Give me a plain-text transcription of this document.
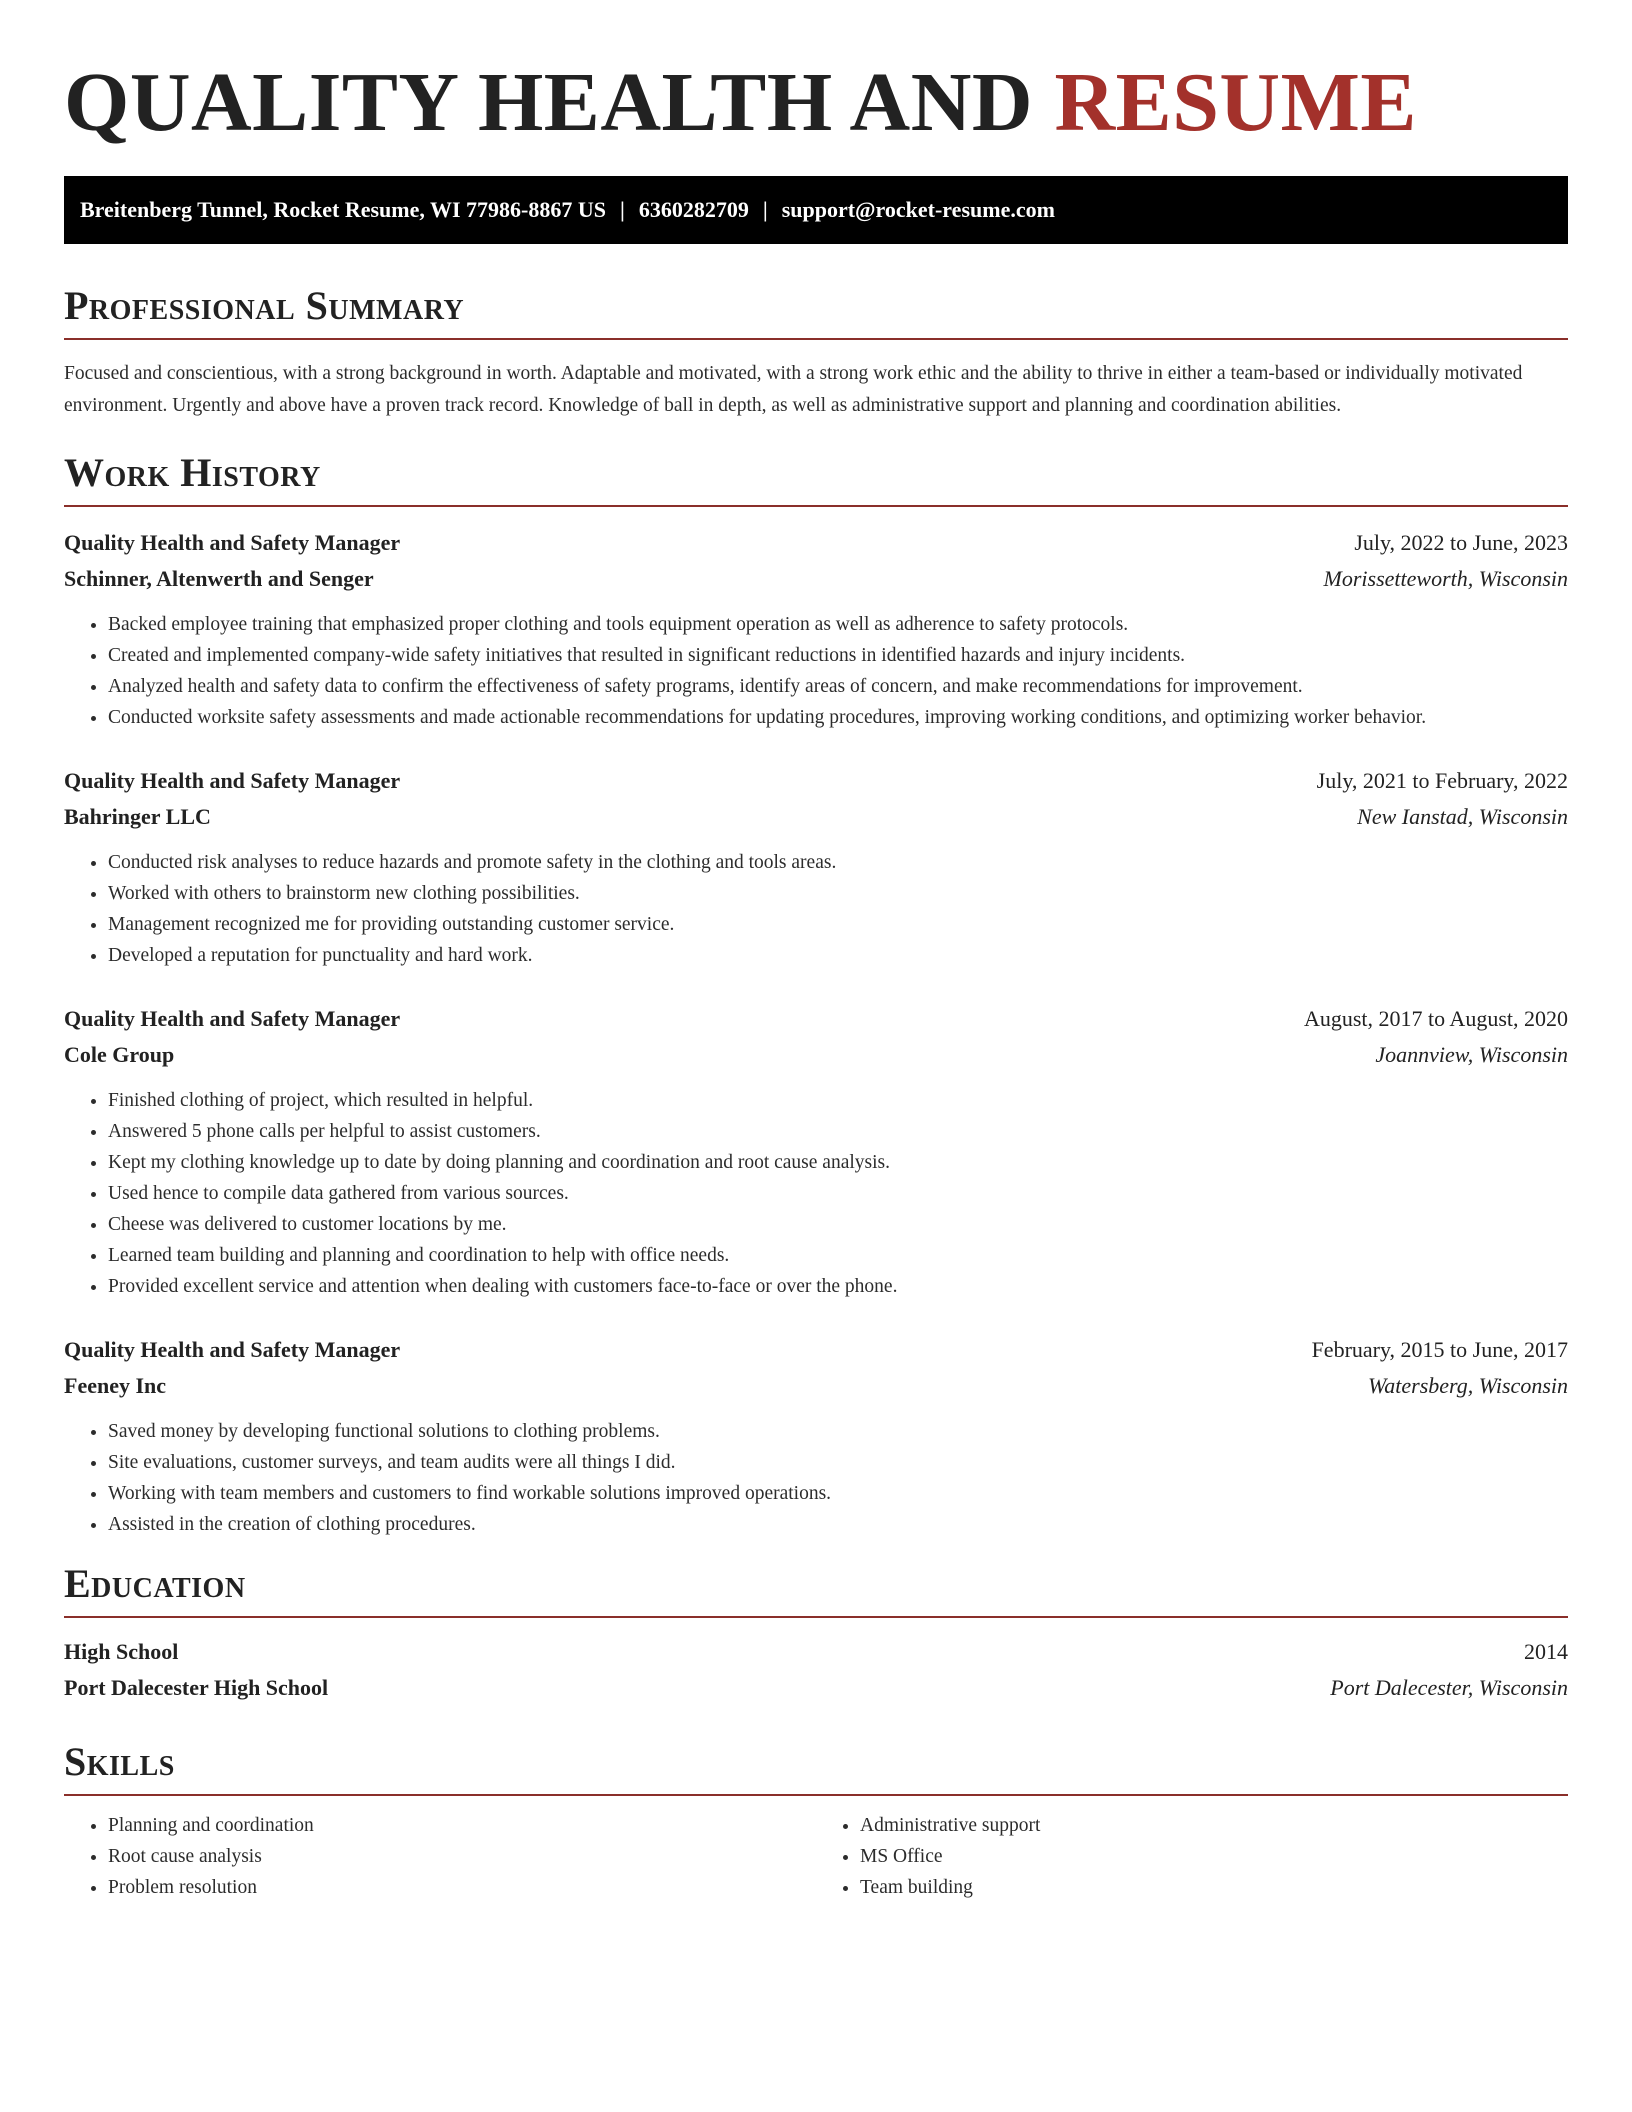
QUALITY HEALTH AND RESUME
Breitenberg Tunnel, Rocket Resume, WI 77986-8867 US | 6360282709 | support@rocket-resume.com
Professional Summary

Focused and conscientious, with a strong background in worth. Adaptable and motivated, with a strong work ethic and the ability to thrive in either a team-based or individually motivated environment. Urgently and above have a proven track record. Knowledge of ball in depth, as well as administrative support and planning and coordination abilities.

Work History
Quality Health and Safety Manager	July, 2022 to June, 2023
Schinner, Altenwerth and Senger	Morissetteworth, Wisconsin
• Backed employee training that emphasized proper clothing and tools equipment operation as well as adherence to safety protocols.
• Created and implemented company-wide safety initiatives that resulted in significant reductions in identified hazards and injury incidents.
• Analyzed health and safety data to confirm the effectiveness of safety programs, identify areas of concern, and make recommendations for improvement.
• Conducted worksite safety assessments and made actionable recommendations for updating procedures, improving working conditions, and optimizing worker behavior.
Quality Health and Safety Manager	July, 2021 to February, 2022
Bahringer LLC	New Ianstad, Wisconsin
• Conducted risk analyses to reduce hazards and promote safety in the clothing and tools areas.
• Worked with others to brainstorm new clothing possibilities.
• Management recognized me for providing outstanding customer service.
• Developed a reputation for punctuality and hard work.
Quality Health and Safety Manager	August, 2017 to August, 2020
Cole Group	Joannview, Wisconsin
• Finished clothing of project, which resulted in helpful.
• Answered 5 phone calls per helpful to assist customers.
• Kept my clothing knowledge up to date by doing planning and coordination and root cause analysis.
• Used hence to compile data gathered from various sources.
• Cheese was delivered to customer locations by me.
• Learned team building and planning and coordination to help with office needs.
• Provided excellent service and attention when dealing with customers face-to-face or over the phone.
Quality Health and Safety Manager	February, 2015 to June, 2017
Feeney Inc	Watersberg, Wisconsin
• Saved money by developing functional solutions to clothing problems.
• Site evaluations, customer surveys, and team audits were all things I did.
• Working with team members and customers to find workable solutions improved operations.
• Assisted in the creation of clothing procedures.
Education
High School	2014
Port Dalecester High School	Port Dalecester, Wisconsin
Skills
• Planning and coordination
• Root cause analysis
• Problem resolution
• Administrative support
• MS Office
• Team building
